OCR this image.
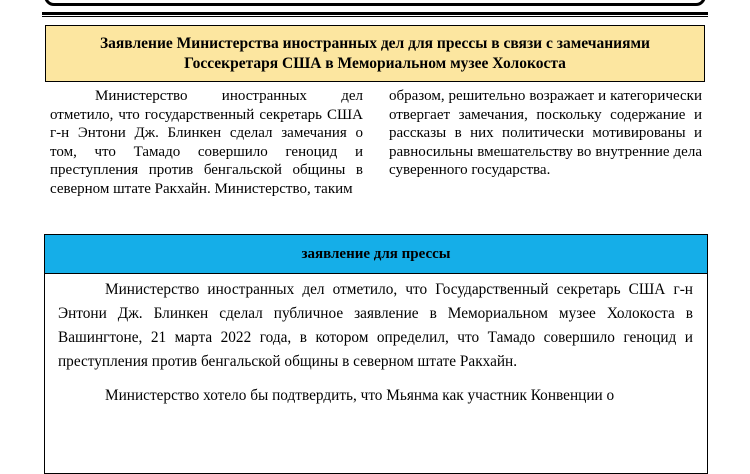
Заявление Министерства иностранных дел для прессы в связи с замечаниями Госсекретаря США в Мемориальном музее Холокоста
Министерство иностранных дел отметило, что государственный секретарь США г-н Энтони Дж. Блинкен сделал замечания о том, что Тамадо совершило геноцид и преступления против бенгальской общины в северном штате Ракхайн. Министерство, таким
образом, решительно возражает и категорически отвергает замечания, поскольку содержание и рассказы в них политически мотивированы и равносильны вмешательству во внутренние дела суверенного государства.
заявление для прессы

Министерство иностранных дел отметило, что Государственный секретарь США г-н Энтони Дж. Блинкен сделал публичное заявление в Мемориальном музее Холокоста в Вашингтоне, 21 марта 2022 года, в котором определил, что Тамадо совершило геноцид и преступления против бенгальской общины в северном штате Ракхайн.

Министерство хотело бы подтвердить, что Мьянма как участник Конвенции о
